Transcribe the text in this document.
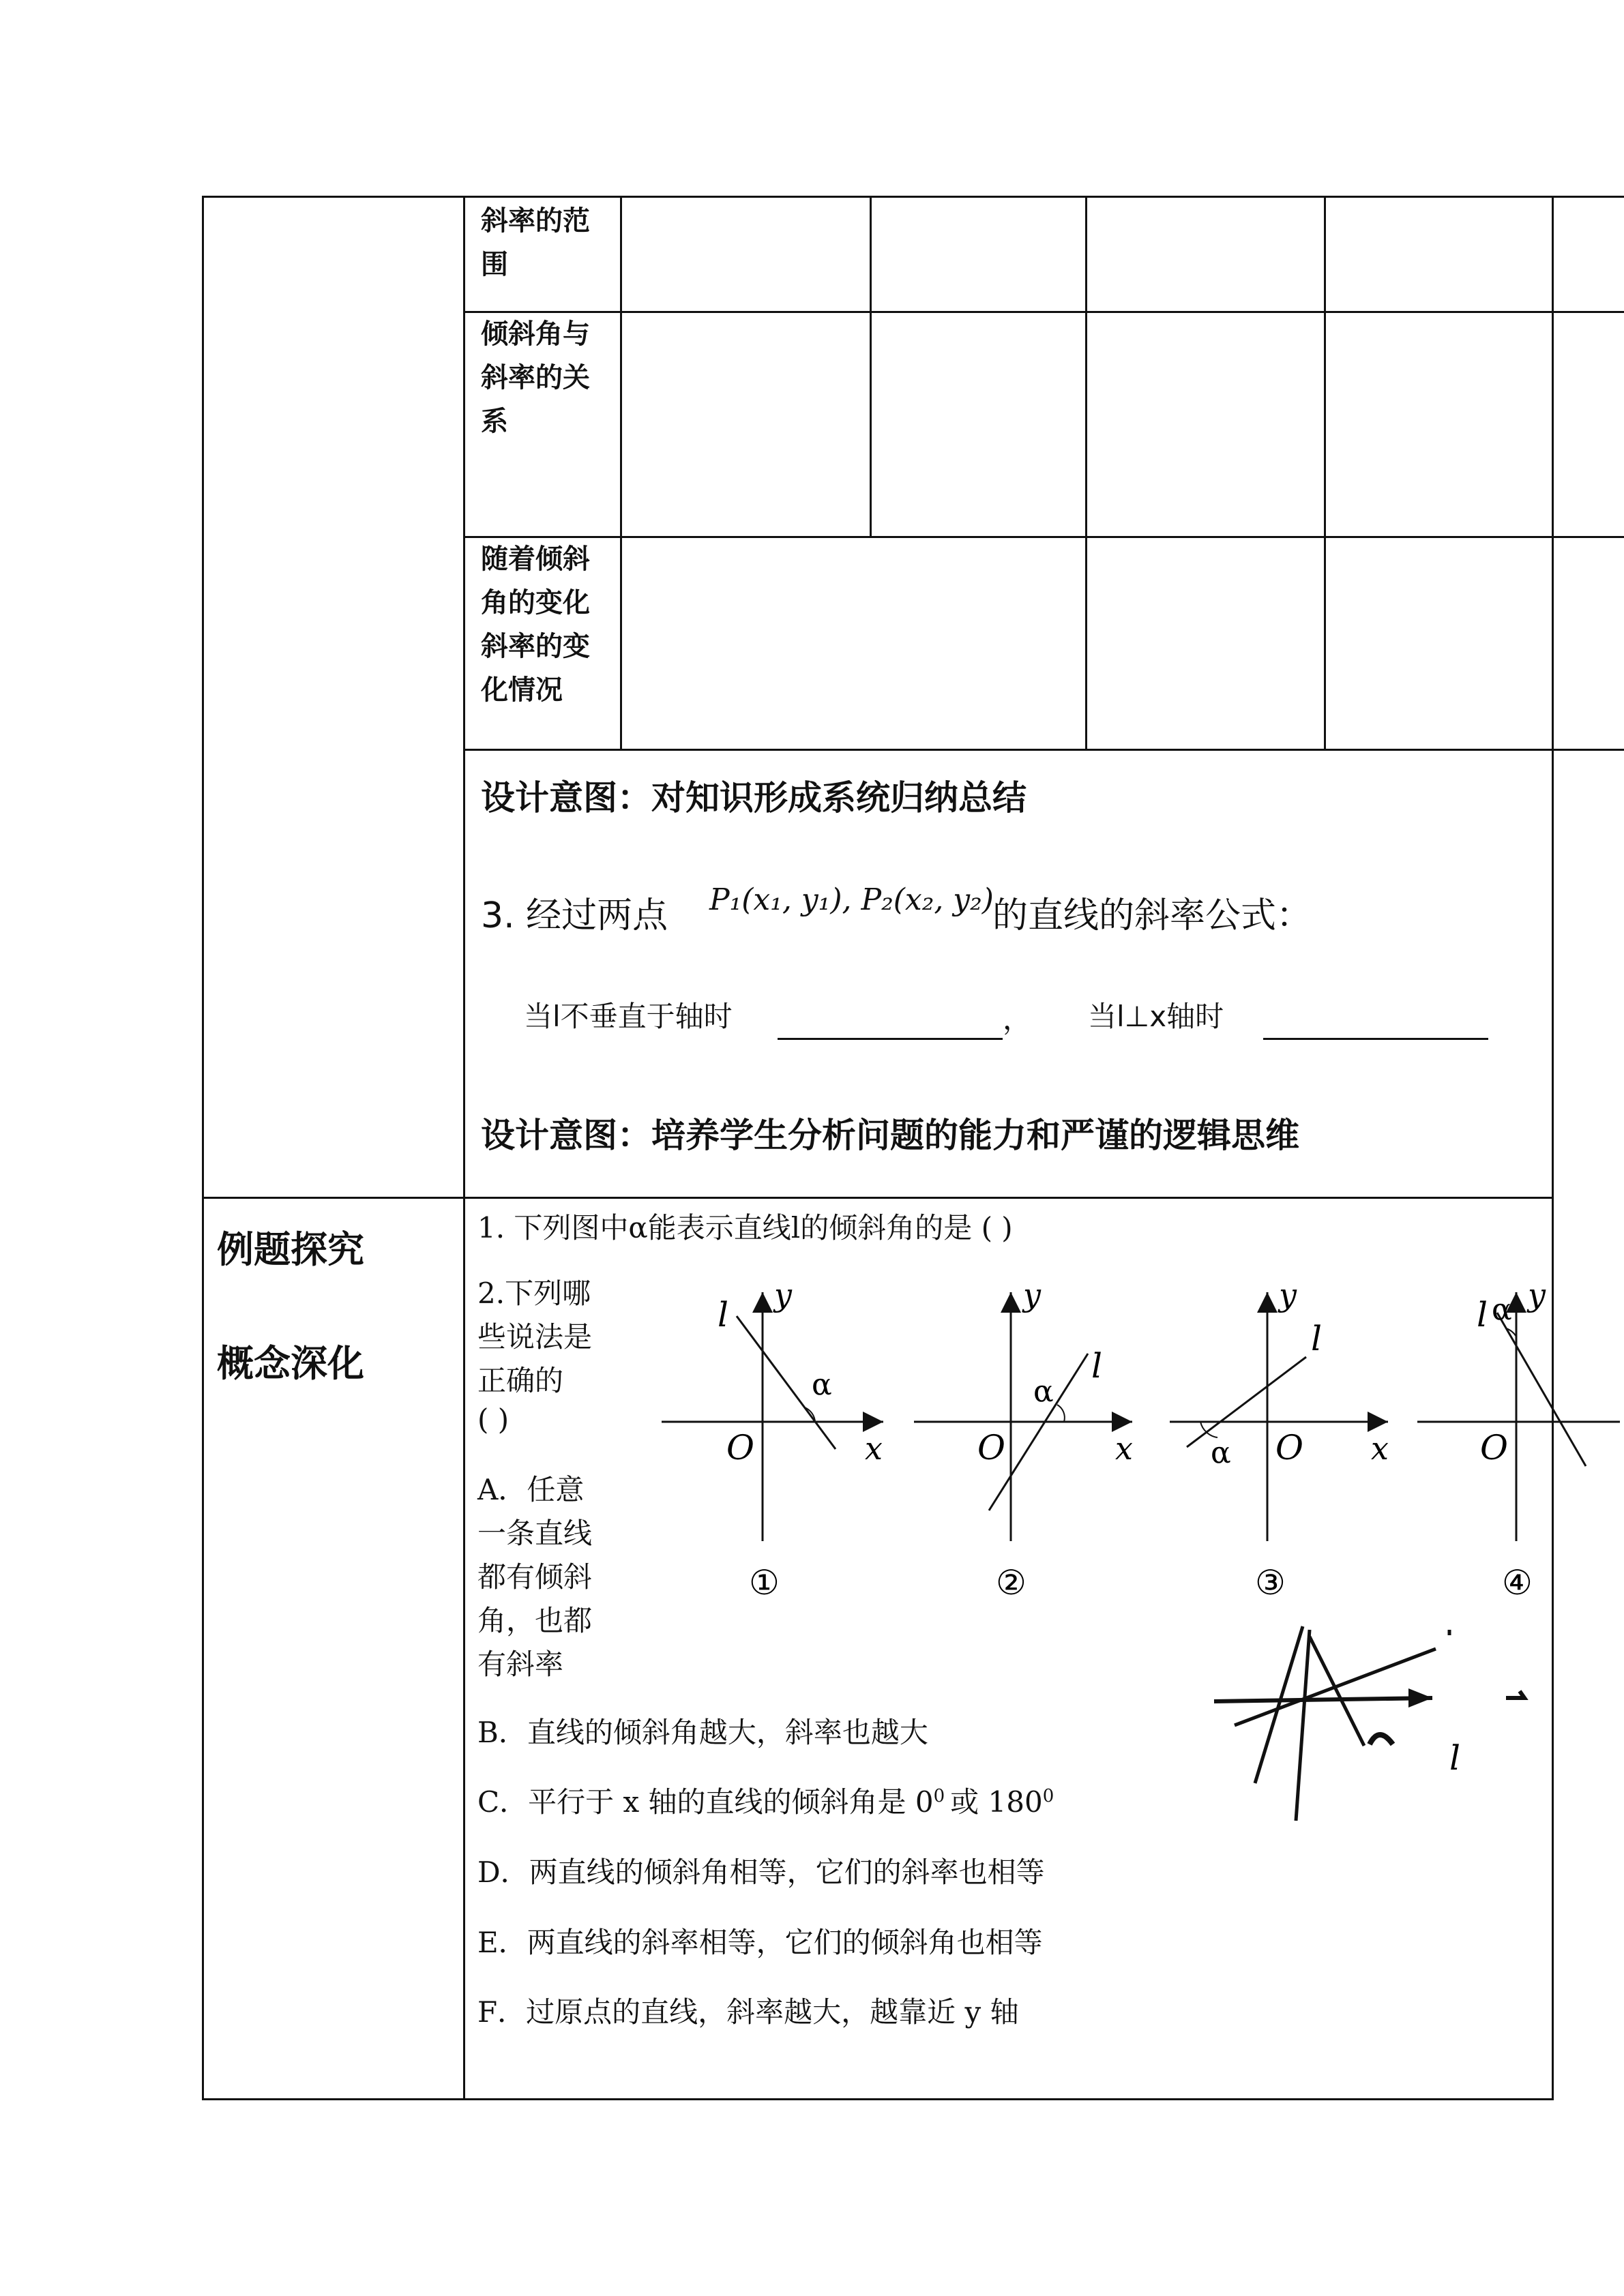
斜率的范围
倾斜角与斜率的关系
随着倾斜角的变化斜率的变化情况
设计意图：对知识形成系统归纳总结
3. 经过两点 P₁(x₁, y₁), P₂(x₂, y₂)
的直线的斜率公式：
当l不垂直于轴时	， 当l⊥x轴时
设计意图：培养学生分析问题的能力和严谨的逻辑思维
例题探究
概念深化
1. 下列图中α能表示直线l的倾斜角的是 ( )
2.下列哪
些说法是
正确的
( )
A．任意
一条直线
都有倾斜
角，也都
有斜率
B．直线的倾斜角越大，斜率也越大
C．平行于 x 轴的直线的倾斜角是 $0^0$ 或 $180^0$
D．两直线的倾斜角相等，它们的斜率也相等
E．两直线的斜率相等，它们的倾斜角也相等
F．过原点的直线，斜率越大，越靠近 y 轴
y
x
O
l
α
①
y
x
O
l
α
②
y
x
O
l
α
③
y
O
l α
④
l
